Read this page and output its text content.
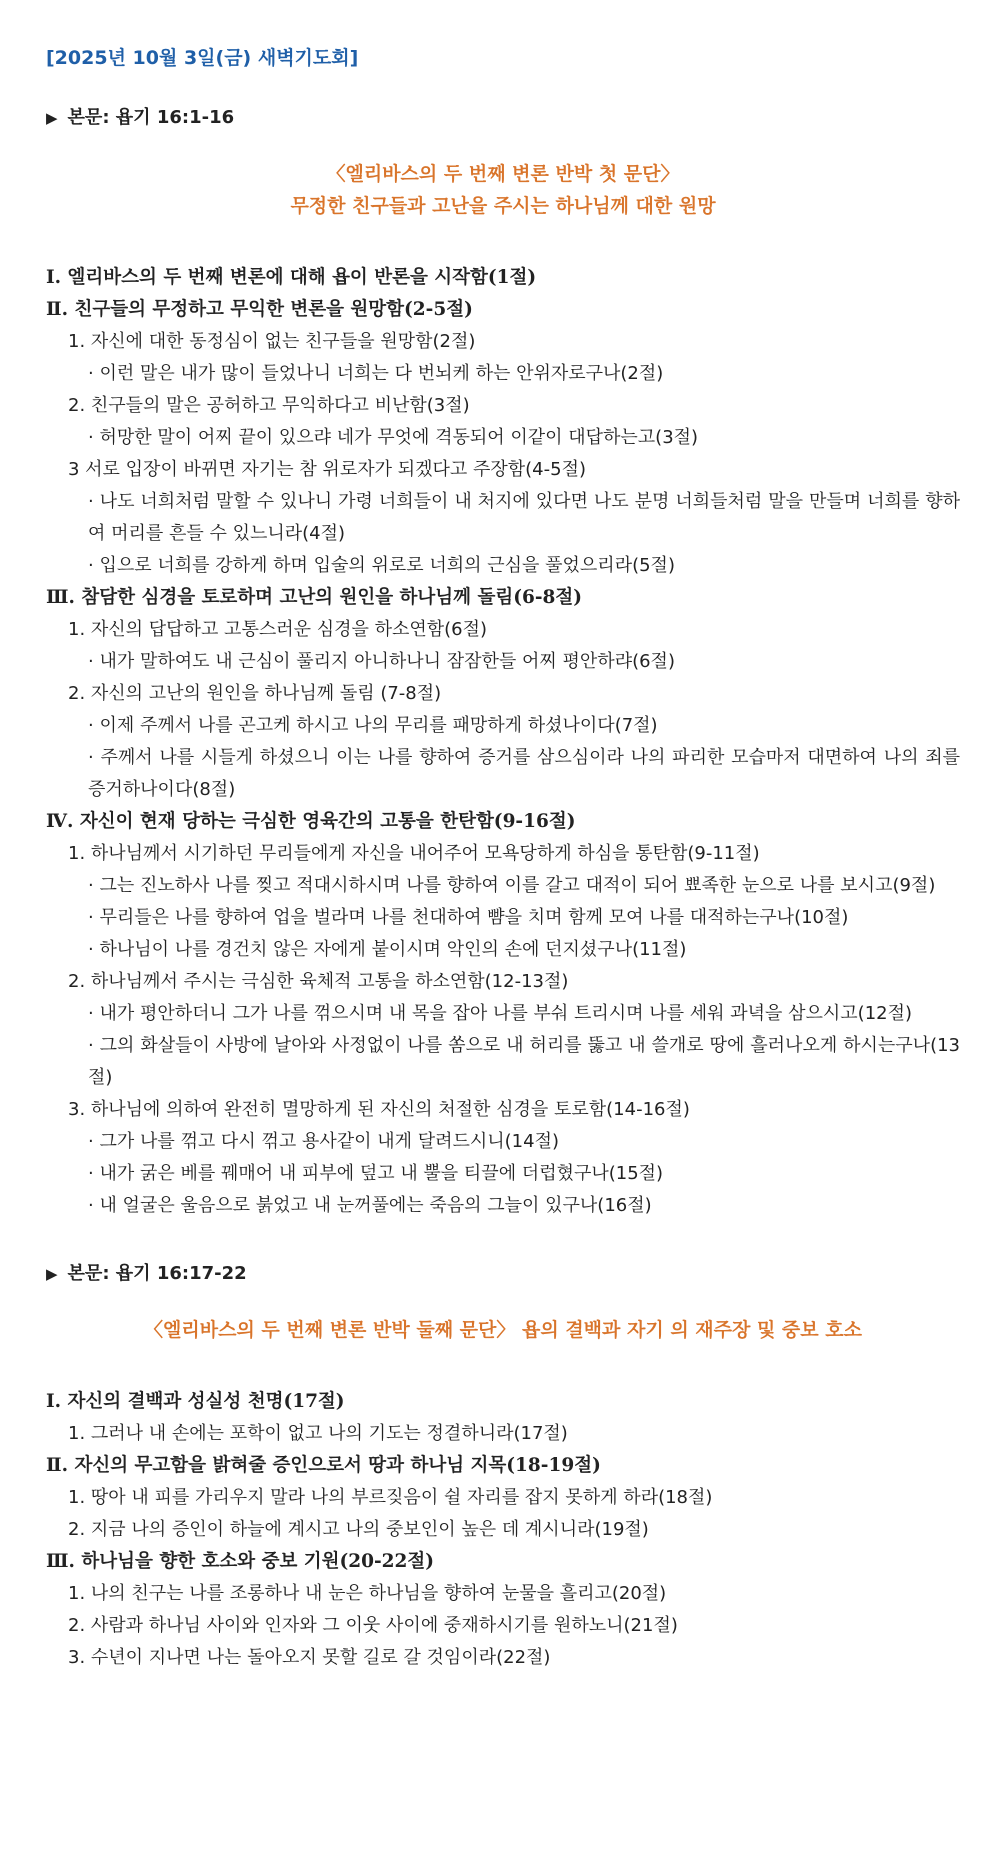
[2025년 10월 3일(금) 새벽기도회]

▶ 본문: 욥기 16:1-16

〈엘리바스의 두 번째 변론 반박 첫 문단〉

무정한 친구들과 고난을 주시는 하나님께 대한 원망

Ⅰ. 엘리바스의 두 번째 변론에 대해 욥이 반론을 시작함(1절)
Ⅱ. 친구들의 무정하고 무익한 변론을 원망함(2-5절)
1. 자신에 대한 동정심이 없는 친구들을 원망함(2절)
· 이런 말은 내가 많이 들었나니 너희는 다 번뇌케 하는 안위자로구나(2절)
2. 친구들의 말은 공허하고 무익하다고 비난함(3절)
· 허망한 말이 어찌 끝이 있으랴 네가 무엇에 격동되어 이같이 대답하는고(3절)
3 서로 입장이 바뀌면 자기는 참 위로자가 되겠다고 주장함(4-5절)
· 나도 너희처럼 말할 수 있나니 가령 너희들이 내 처지에 있다면 나도 분명 너희들처럼 말을 만들며 너희를 향하여 머리를 흔들 수 있느니라(4절)
· 입으로 너희를 강하게 하며 입술의 위로로 너희의 근심을 풀었으리라(5절)
Ⅲ. 참담한 심경을 토로하며 고난의 원인을 하나님께 돌림(6-8절)
1. 자신의 답답하고 고통스러운 심경을 하소연함(6절)
· 내가 말하여도 내 근심이 풀리지 아니하나니 잠잠한들 어찌 평안하랴(6절)
2. 자신의 고난의 원인을 하나님께 돌림 (7-8절)
· 이제 주께서 나를 곤고케 하시고 나의 무리를 패망하게 하셨나이다(7절)
· 주께서 나를 시들게 하셨으니 이는 나를 향하여 증거를 삼으심이라 나의 파리한 모습마저 대면하여 나의 죄를 증거하나이다(8절)
Ⅳ. 자신이 현재 당하는 극심한 영육간의 고통을 한탄함(9-16절)
1. 하나님께서 시기하던 무리들에게 자신을 내어주어 모욕당하게 하심을 통탄함(9-11절)
· 그는 진노하사 나를 찢고 적대시하시며 나를 향하여 이를 갈고 대적이 되어 뾰족한 눈으로 나를 보시고(9절)
· 무리들은 나를 향하여 업을 벌라며 나를 천대하여 뺨을 치며 함께 모여 나를 대적하는구나(10절)
· 하나님이 나를 경건치 않은 자에게 붙이시며 악인의 손에 던지셨구나(11절)
2. 하나님께서 주시는 극심한 육체적 고통을 하소연함(12-13절)
· 내가 평안하더니 그가 나를 꺾으시며 내 목을 잡아 나를 부숴 트리시며 나를 세워 과녁을 삼으시고(12절)
· 그의 화살들이 사방에 날아와 사정없이 나를 쏨으로 내 허리를 뚫고 내 쓸개로 땅에 흘러나오게 하시는구나(13절)
3. 하나님에 의하여 완전히 멸망하게 된 자신의 처절한 심경을 토로함(14-16절)
· 그가 나를 꺾고 다시 꺾고 용사같이 내게 달려드시니(14절)
· 내가 굵은 베를 꿰매어 내 피부에 덮고 내 뿔을 티끌에 더럽혔구나(15절)
· 내 얼굴은 울음으로 붉었고 내 눈꺼풀에는 죽음의 그늘이 있구나(16절)

▶ 본문: 욥기 16:17-22

〈엘리바스의 두 번째 변론 반박 둘째 문단〉 욥의 결백과 자기 의 재주장 및 중보 호소

Ⅰ. 자신의 결백과 성실성 천명(17절)
1. 그러나 내 손에는 포학이 없고 나의 기도는 정결하니라(17절)
Ⅱ. 자신의 무고함을 밝혀줄 증인으로서 땅과 하나님 지목(18-19절)
1. 땅아 내 피를 가리우지 말라 나의 부르짖음이 쉴 자리를 잡지 못하게 하라(18절)
2. 지금 나의 증인이 하늘에 계시고 나의 중보인이 높은 데 계시니라(19절)
Ⅲ. 하나님을 향한 호소와 중보 기원(20-22절)
1. 나의 친구는 나를 조롱하나 내 눈은 하나님을 향하여 눈물을 흘리고(20절)
2. 사람과 하나님 사이와 인자와 그 이웃 사이에 중재하시기를 원하노니(21절)
3. 수년이 지나면 나는 돌아오지 못할 길로 갈 것임이라(22절)
